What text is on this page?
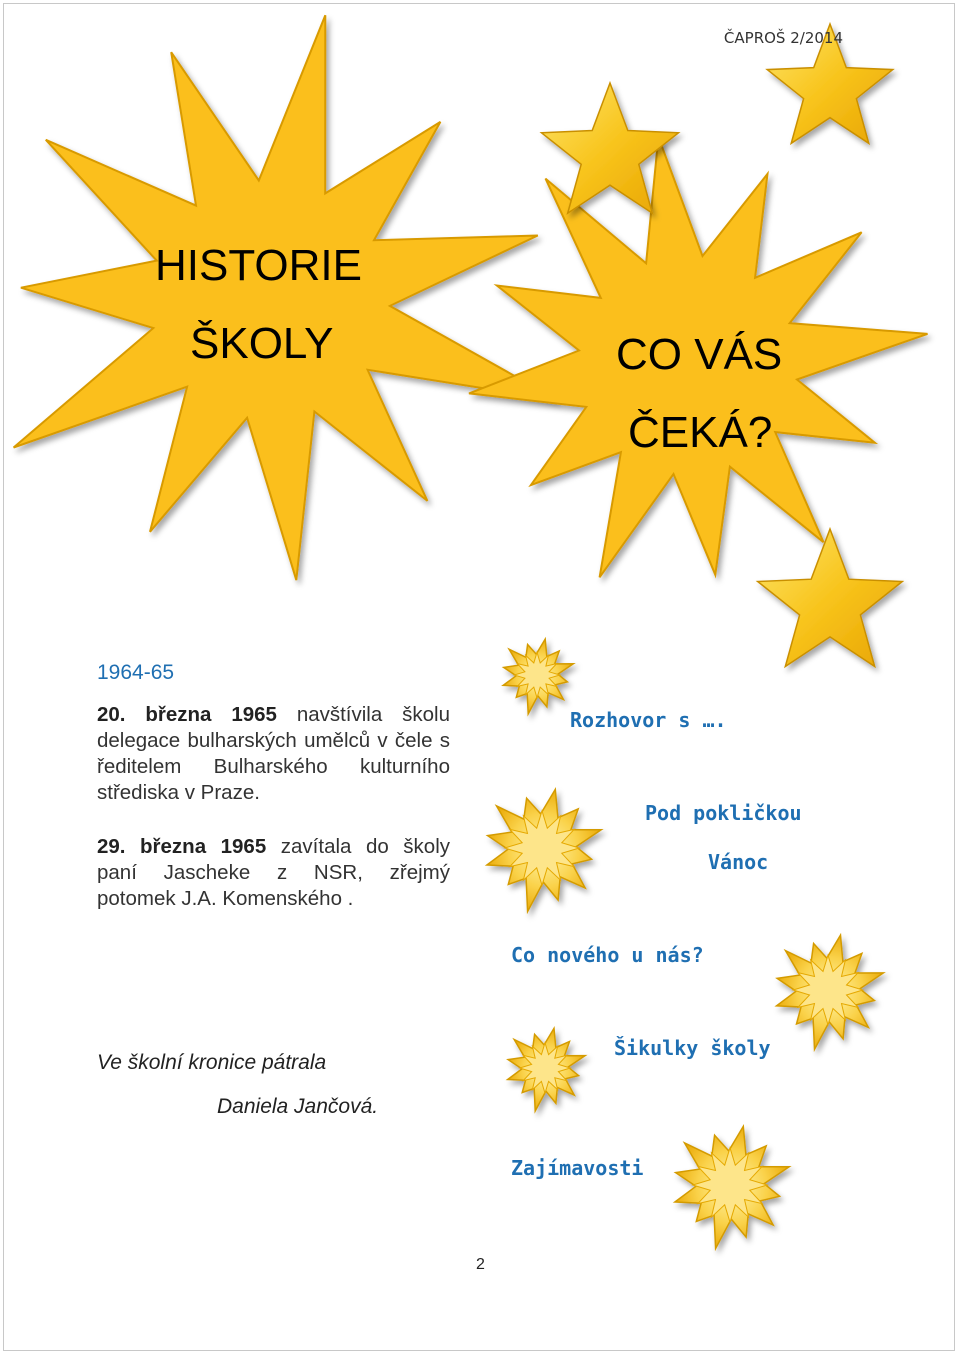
ČAPROŠ 2/2014
HISTORIE
ŠKOLY	CO VÁS
ČEKÁ?
1964-65
20. března 1965 navštívila školu delegace bulharských umělců v čele s ředitelem Bulharského kulturního střediska v Praze.
29. března 1965 zavítala do školy paní Jascheke z NSR, zřejmý potomek J.A. Komenského .
Ve školní kronice pátrala
Daniela Jančová.
Rozhovor s ….
Pod pokličkou
Vánoc
Co nového u nás?
Šikulky školy
Zajímavosti
2
